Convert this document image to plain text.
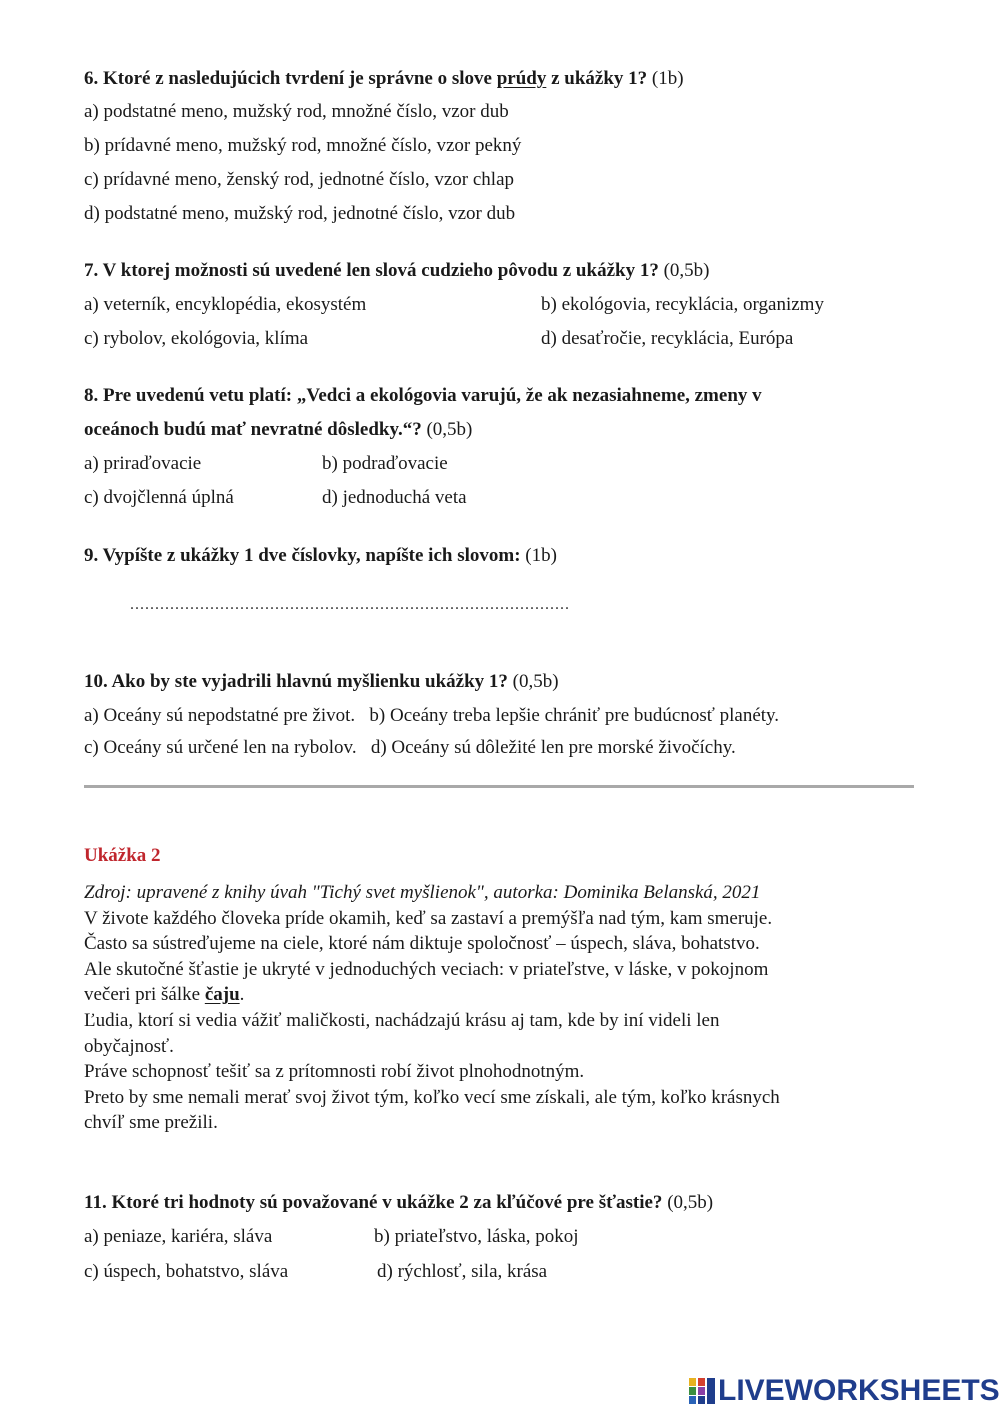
6. Ktoré z nasledujúcich tvrdení je správne o slove prúdy z ukážky 1? (1b)
a) podstatné meno, mužský rod, množné číslo, vzor dub
b) prídavné meno, mužský rod, množné číslo, vzor pekný
c) prídavné meno, ženský rod, jednotné číslo, vzor chlap
d) podstatné meno, mužský rod, jednotné číslo, vzor dub
7. V ktorej možnosti sú uvedené len slová cudzieho pôvodu z ukážky 1? (0,5b)
a) veterník, encyklopédia, ekosystém	b) ekológovia, recyklácia, organizmy
c) rybolov, ekológovia, klíma	d) desaťročie, recyklácia, Európa
8. Pre uvedenú vetu platí: „Vedci a ekológovia varujú, že ak nezasiahneme, zmeny v
oceánoch budú mať nevratné dôsledky.“? (0,5b)
a) priraďovacie	b) podraďovacie
c) dvojčlenná úplná	d) jednoduchá veta
9. Vypíšte z ukážky 1 dve číslovky, napíšte ich slovom: (1b)
........................................................................................
10. Ako by ste vyjadrili hlavnú myšlienku ukážky 1? (0,5b)
a) Oceány sú nepodstatné pre život.   b) Oceány treba lepšie chrániť pre budúcnosť planéty.
c) Oceány sú určené len na rybolov.   d) Oceány sú dôležité len pre morské živočíchy.
Ukážka 2
Zdroj: upravené z knihy úvah "Tichý svet myšlienok", autorka: Dominika Belanská, 2021
V živote každého človeka príde okamih, keď sa zastaví a premýšľa nad tým, kam smeruje.
Často sa sústreďujeme na ciele, ktoré nám diktuje spoločnosť – úspech, sláva, bohatstvo.
Ale skutočné šťastie je ukryté v jednoduchých veciach: v priateľstve, v láske, v pokojnom
večeri pri šálke čaju.
Ľudia, ktorí si vedia vážiť maličkosti, nachádzajú krásu aj tam, kde by iní videli len
obyčajnosť.
Práve schopnosť tešiť sa z prítomnosti robí život plnohodnotným.
Preto by sme nemali merať svoj život tým, koľko vecí sme získali, ale tým, koľko krásnych
chvíľ sme prežili.
11. Ktoré tri hodnoty sú považované v ukážke 2 za kľúčové pre šťastie? (0,5b)
a) peniaze, kariéra, sláva	b) priateľstvo, láska, pokoj
c) úspech, bohatstvo, sláva	d) rýchlosť, sila, krása
LIVEWORKSHEETS
